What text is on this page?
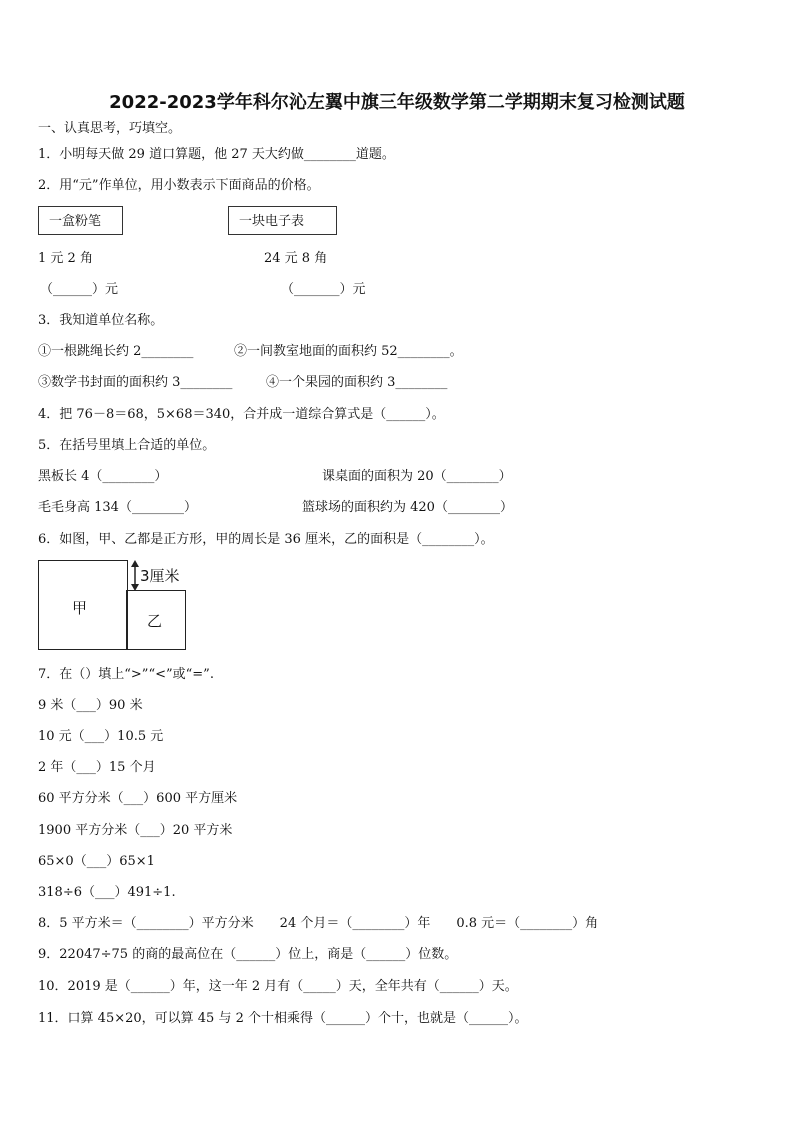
2022-2023学年科尔沁左翼中旗三年级数学第二学期期末复习检测试题
一、认真思考，巧填空。
1．小明每天做 29 道口算题，他 27 天大约做________道题。
2．用“元”作单位，用小数表示下面商品的价格。
一盒粉笔	一块电子表
1 元 2 角	24 元 8 角
（______）元	（_______）元
3．我知道单位名称。
①一根跳绳长约 2________	②一间教室地面的面积约 52________。
③数学书封面的面积约 3________	④一个果园的面积约 3________
4．把 76－8＝68，5×68＝340，合并成一道综合算式是（______）。
5．在括号里填上合适的单位。
黑板长 4（________）	课桌面的面积为 20（________）
毛毛身高 134（________）	篮球场的面积约为 420（________）
6．如图，甲、乙都是正方形，甲的周长是 36 厘米，乙的面积是（________）。
甲
乙
3厘米
7．在（）填上“>”“<”或“=”.
9 米（___）90 米
10 元（___）10.5 元
2 年（___）15 个月
60 平方分米（___）600 平方厘米
1900 平方分米（___）20 平方米
65×0（___）65×1
318÷6（___）491÷1.
8．5 平方米＝（________）平方分米　　24 个月＝（________）年　　0.8 元＝（________）角
9．22047÷75 的商的最高位在（______）位上，商是（______）位数。
10．2019 是（______）年，这一年 2 月有（_____）天，全年共有（______）天。
11．口算 45×20，可以算 45 与 2 个十相乘得（______）个十，也就是（______）。
